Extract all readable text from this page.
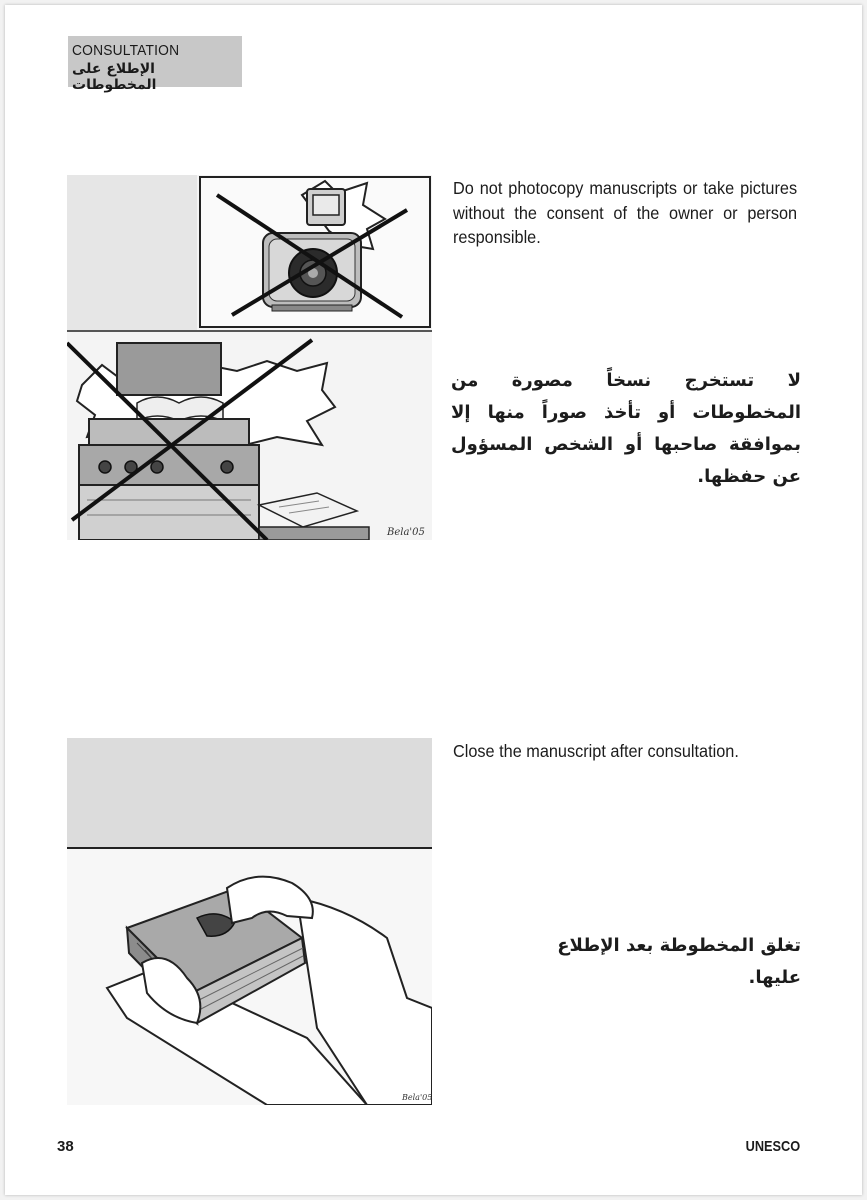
CONSULTATION
الإطلاع على المخطوطات
Bela'05
Do not photocopy manuscripts or take pictures without the consent of the owner or person responsible.
لا تستخرج نسخاً مصورة من المخطوطات أو تأخذ صوراً منها إلا بموافقة صاحبها أو الشخص المسؤول عن حفظها.
Bela'05
Close the manuscript after consultation.
تغلق المخطوطة بعد الإطلاع عليها.
38	UNESCO
